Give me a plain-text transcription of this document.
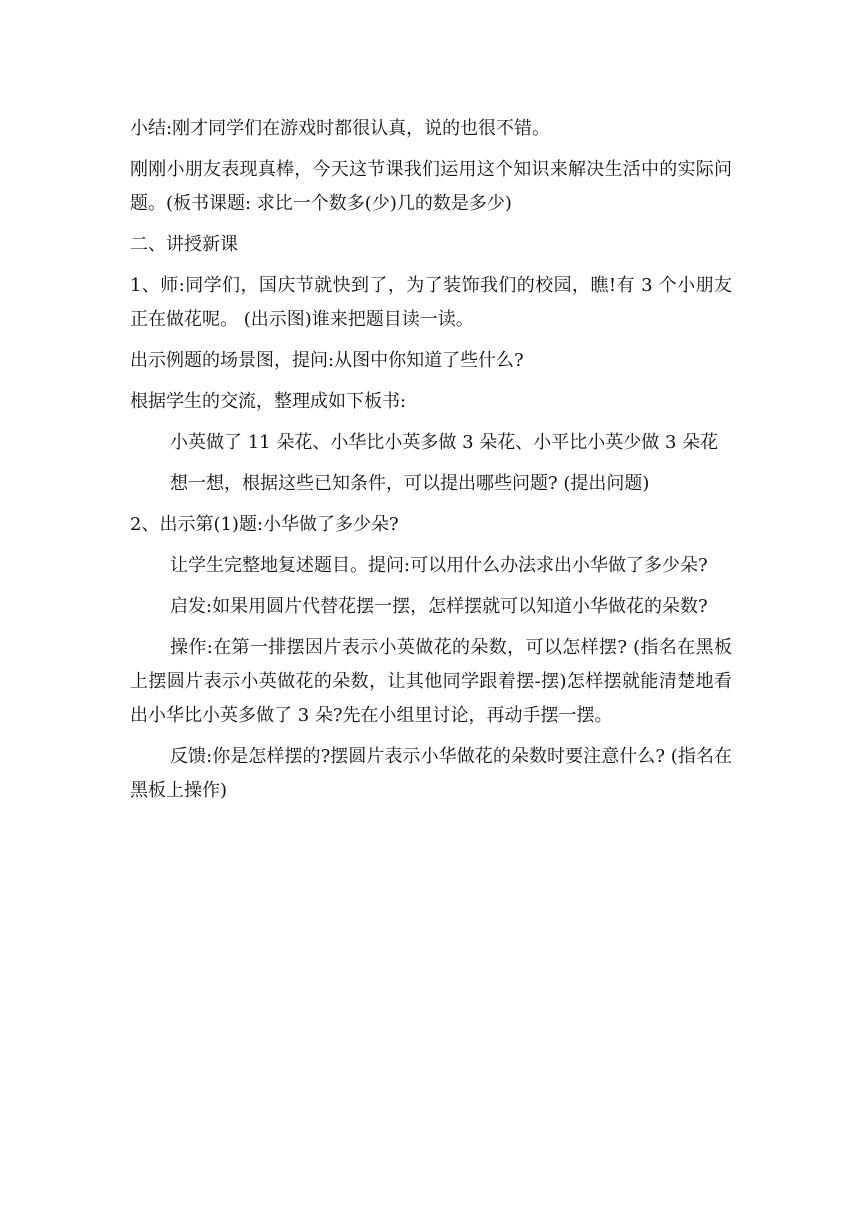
小结:刚才同学们在游戏时都很认真，说的也很不错。

刚刚小朋友表现真棒，今天这节课我们运用这个知识来解决生活中的实际问题。(板书课题: 求比一个数多(少)几的数是多少)

二、讲授新课

1、师:同学们，国庆节就快到了，为了装饰我们的校园，瞧!有 3 个小朋友正在做花呢。 (出示图)谁来把题目读一读。

出示例题的场景图，提问:从图中你知道了些什么?

根据学生的交流，整理成如下板书:

小英做了 11 朵花、小华比小英多做 3 朵花、小平比小英少做 3 朵花

想一想，根据这些已知条件，可以提出哪些问题? (提出问题)

2、出示第(1)题:小华做了多少朵?

让学生完整地复述题目。提问:可以用什么办法求出小华做了多少朵?

启发:如果用圆片代替花摆一摆，怎样摆就可以知道小华做花的朵数?

操作:在第一排摆因片表示小英做花的朵数，可以怎样摆? (指名在黑板上摆圆片表示小英做花的朵数，让其他同学跟着摆-摆)怎样摆就能清楚地看出小华比小英多做了 3 朵?先在小组里讨论，再动手摆一摆。

反馈:你是怎样摆的?摆圆片表示小华做花的朵数时要注意什么? (指名在黑板上操作)
